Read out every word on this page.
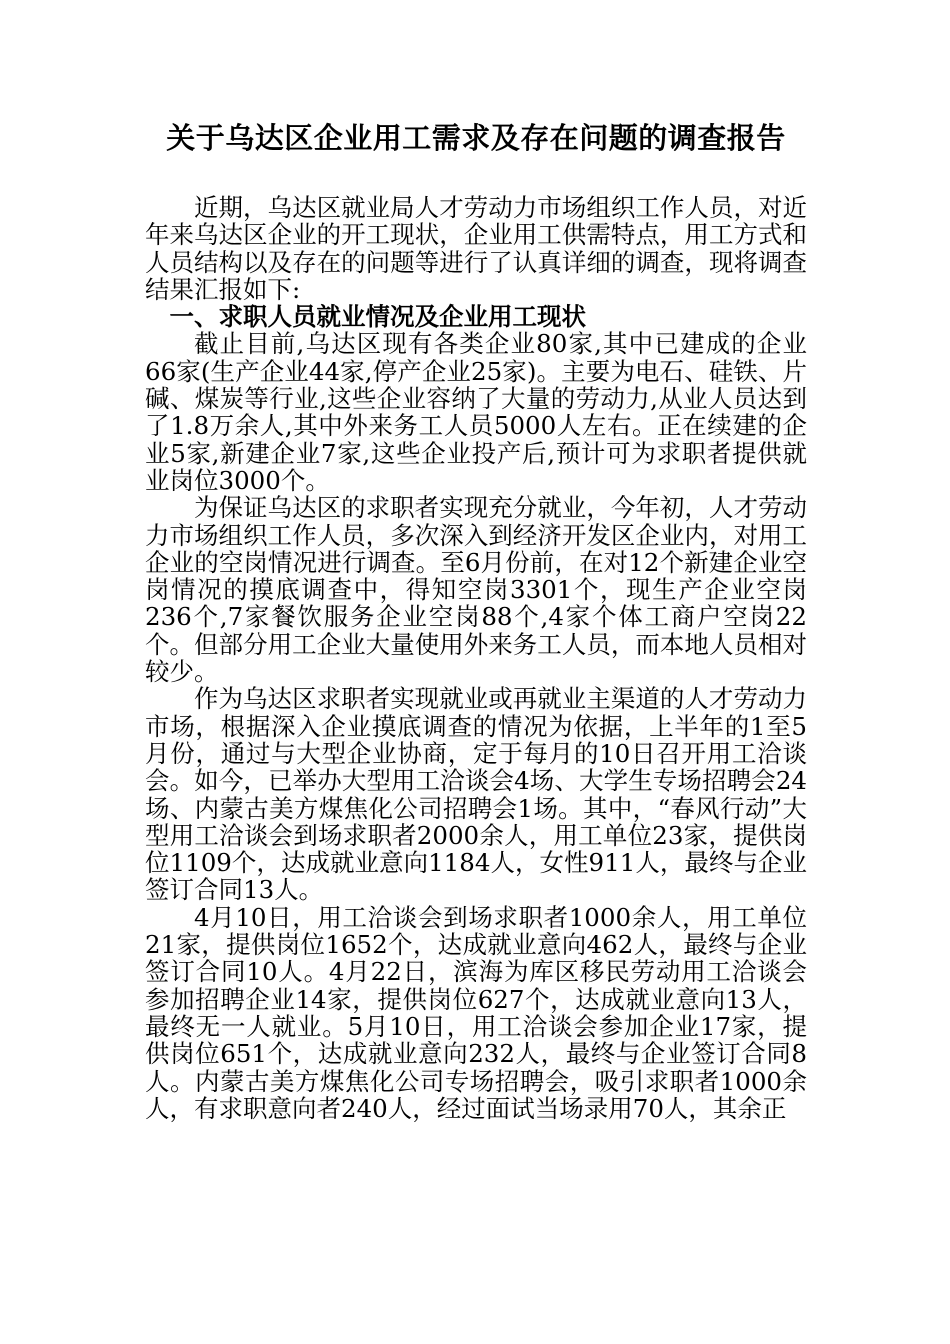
关于乌达区企业用工需求及存在问题的调查报告

近期，乌达区就业局人才劳动力市场组织工作人员，对近年来乌达区企业的开工现状，企业用工供需特点，用工方式和人员结构以及存在的问题等进行了认真详细的调查，现将调查结果汇报如下:

一、求职人员就业情况及企业用工现状

截止目前,乌达区现有各类企业80家,其中已建成的企业66家(生产企业44家,停产企业25家)。主要为电石、硅铁、片碱、煤炭等行业,这些企业容纳了大量的劳动力,从业人员达到了1.8万余人,其中外来务工人员5000人左右。正在续建的企业5家,新建企业7家,这些企业投产后,预计可为求职者提供就业岗位3000个。

为保证乌达区的求职者实现充分就业，今年初，人才劳动力市场组织工作人员，多次深入到经济开发区企业内，对用工企业的空岗情况进行调查。至6月份前，在对12个新建企业空岗情况的摸底调查中，得知空岗3301个，现生产企业空岗236个,7家餐饮服务企业空岗88个,4家个体工商户空岗22个。但部分用工企业大量使用外来务工人员，而本地人员相对较少。

作为乌达区求职者实现就业或再就业主渠道的人才劳动力市场，根据深入企业摸底调查的情况为依据，上半年的1至5月份，通过与大型企业协商，定于每月的10日召开用工洽谈会。如今，已举办大型用工洽谈会4场、大学生专场招聘会24场、内蒙古美方煤焦化公司招聘会1场。其中，“春风行动”大型用工洽谈会到场求职者2000余人，用工单位23家，提供岗位1109个，达成就业意向1184人，女性911人，最终与企业签订合同13人。

4月10日，用工洽谈会到场求职者1000余人，用工单位21家，提供岗位1652个，达成就业意向462人，最终与企业签订合同10人。4月22日，滨海为库区移民劳动用工洽谈会参加招聘企业14家，提供岗位627个，达成就业意向13人，最终无一人就业。5月10日，用工洽谈会参加企业17家，提供岗位651个，达成就业意向232人，最终与企业签订合同8人。内蒙古美方煤焦化公司专场招聘会，吸引求职者1000余人，有求职意向者240人，经过面试当场录用70人，其余正
